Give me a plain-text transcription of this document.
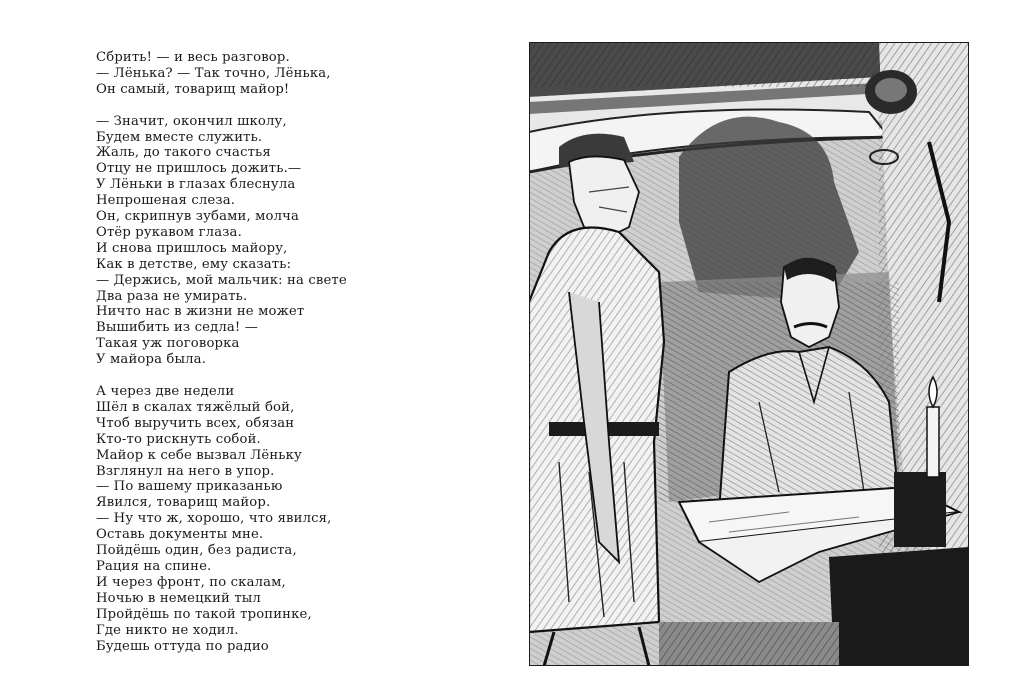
Сбрить! — и весь разговор.
— Лёнька? — Так точно, Лёнька,
Он самый, товарищ майор!
— Значит, окончил школу,
Будем вместе служить.
Жаль, до такого счастья
Отцу не пришлось дожить.—
У Лёньки в глазах блеснула
Непрошеная слеза.
Он, скрипнув зубами, молча
Отёр рукавом глаза.
И снова пришлось майору,
Как в детстве, ему сказать:
— Держись, мой мальчик: на свете
Два раза не умирать.
Ничто нас в жизни не может
Вышибить из седла! —
Такая уж поговорка
У майора была.
А через две недели
Шёл в скалах тяжёлый бой,
Чтоб выручить всех, обязан
Кто-то рискнуть собой.
Майор к себе вызвал Лёньку
Взглянул на него в упор.
— По вашему приказанью
Явился, товарищ майор.
— Ну что ж, хорошо, что явился,
Оставь документы мне.
Пойдёшь один, без радиста,
Рация на спине.
И через фронт, по скалам,
Ночью в немецкий тыл
Пройдёшь по такой тропинке,
Где никто не ходил.
Будешь оттуда по радио
